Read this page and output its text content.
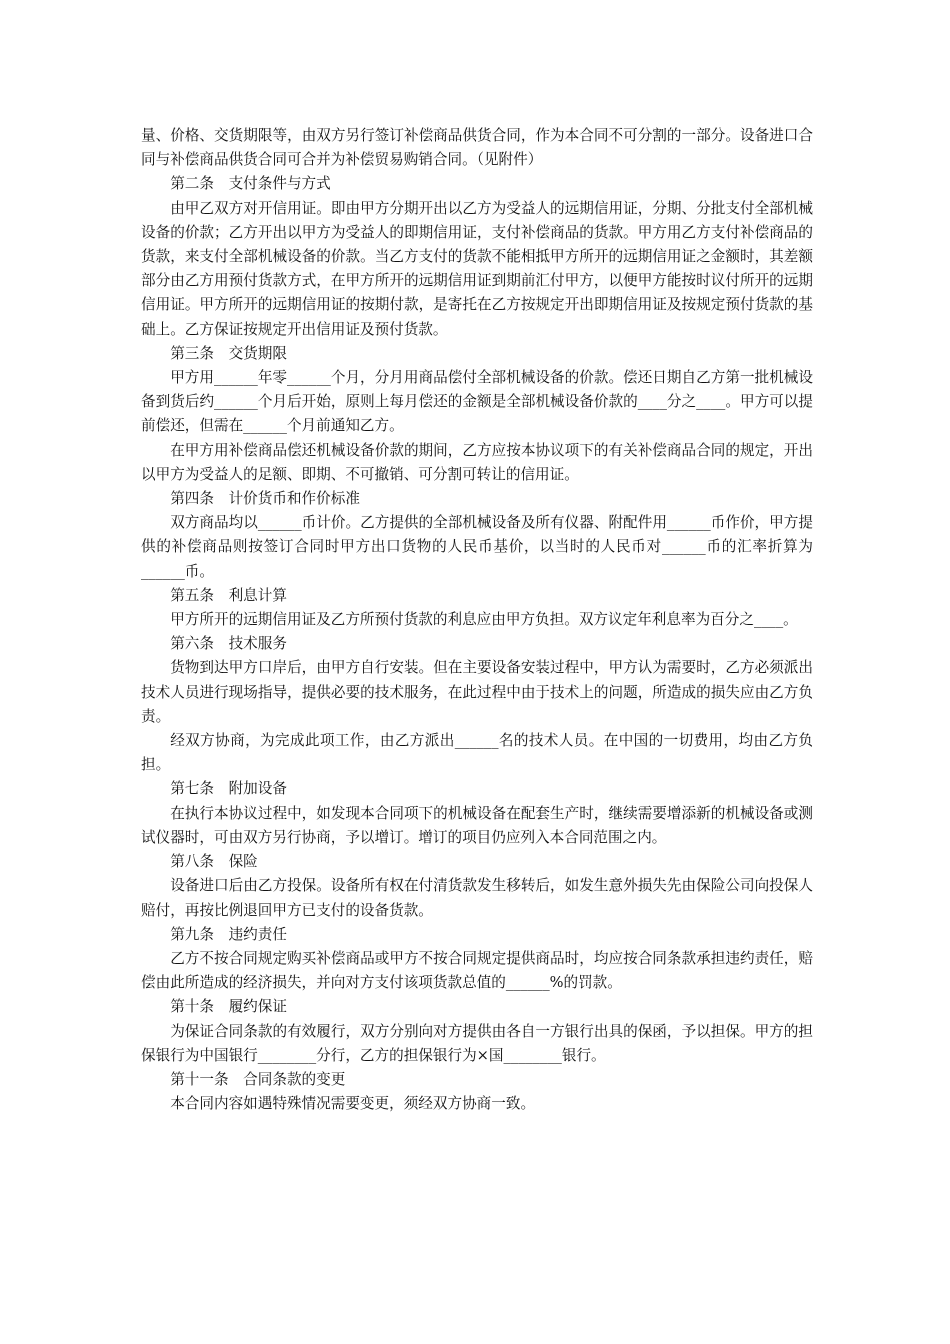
量、价格、交货期限等，由双方另行签订补偿商品供货合同，作为本合同不可分割的一部分。设备进口合同与补偿商品供货合同可合并为补偿贸易购销合同。（见附件）

第二条　支付条件与方式

由甲乙双方对开信用证。即由甲方分期开出以乙方为受益人的远期信用证，分期、分批支付全部机械设备的价款；乙方开出以甲方为受益人的即期信用证，支付补偿商品的货款。甲方用乙方支付补偿商品的货款，来支付全部机械设备的价款。当乙方支付的货款不能相抵甲方所开的远期信用证之金额时，其差额部分由乙方用预付货款方式，在甲方所开的远期信用证到期前汇付甲方，以便甲方能按时议付所开的远期信用证。甲方所开的远期信用证的按期付款，是寄托在乙方按规定开出即期信用证及按规定预付货款的基础上。乙方保证按规定开出信用证及预付货款。

第三条　交货期限

甲方用______年零______个月，分月用商品偿付全部机械设备的价款。偿还日期自乙方第一批机械设备到货后约______个月后开始，原则上每月偿还的金额是全部机械设备价款的____分之____。甲方可以提前偿还，但需在______个月前通知乙方。

在甲方用补偿商品偿还机械设备价款的期间，乙方应按本协议项下的有关补偿商品合同的规定，开出以甲方为受益人的足额、即期、不可撤销、可分割可转让的信用证。

第四条　计价货币和作价标准

双方商品均以______币计价。乙方提供的全部机械设备及所有仪器、附配件用______币作价，甲方提供的补偿商品则按签订合同时甲方出口货物的人民币基价，以当时的人民币对______币的汇率折算为______币。

第五条　利息计算

甲方所开的远期信用证及乙方所预付货款的利息应由甲方负担。双方议定年利息率为百分之____。

第六条　技术服务

货物到达甲方口岸后，由甲方自行安装。但在主要设备安装过程中，甲方认为需要时，乙方必须派出技术人员进行现场指导，提供必要的技术服务，在此过程中由于技术上的问题，所造成的损失应由乙方负责。

经双方协商，为完成此项工作，由乙方派出______名的技术人员。在中国的一切费用，均由乙方负担。

第七条　附加设备

在执行本协议过程中，如发现本合同项下的机械设备在配套生产时，继续需要增添新的机械设备或测试仪器时，可由双方另行协商，予以增订。增订的项目仍应列入本合同范围之内。

第八条　保险

设备进口后由乙方投保。设备所有权在付清货款发生移转后，如发生意外损失先由保险公司向投保人赔付，再按比例退回甲方已支付的设备货款。

第九条　违约责任

乙方不按合同规定购买补偿商品或甲方不按合同规定提供商品时，均应按合同条款承担违约责任，赔偿由此所造成的经济损失，并向对方支付该项货款总值的______%的罚款。

第十条　履约保证

为保证合同条款的有效履行，双方分别向对方提供由各自一方银行出具的保函，予以担保。甲方的担保银行为中国银行________分行，乙方的担保银行为×国________银行。

第十一条　合同条款的变更

本合同内容如遇特殊情况需要变更，须经双方协商一致。
